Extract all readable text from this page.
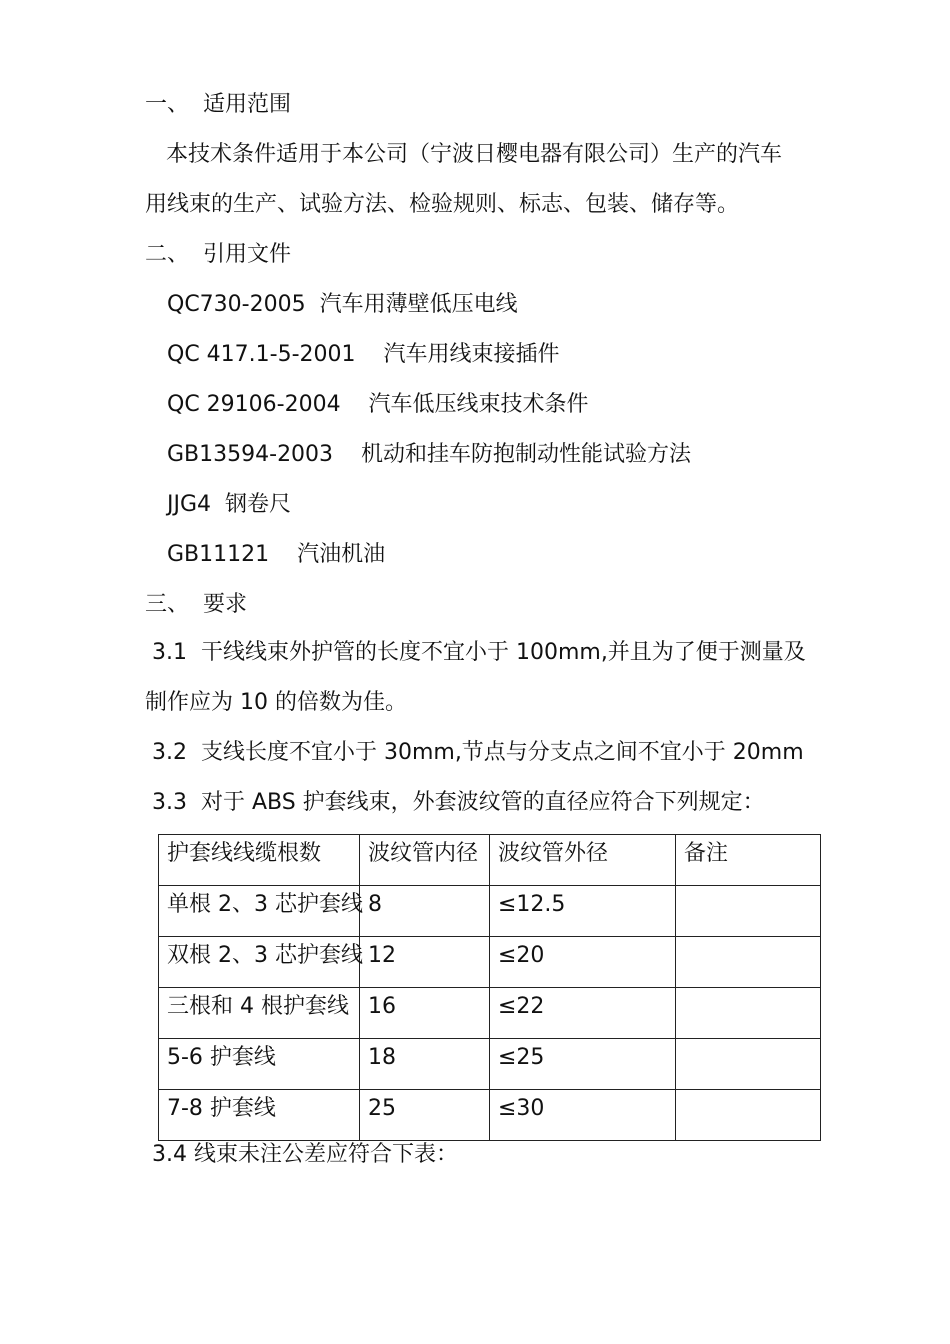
一、  适用范围
本技术条件适用于本公司（宁波日樱电器有限公司）生产的汽车
用线束的生产、试验方法、检验规则、标志、包装、储存等。
二、  引用文件
QC730-2005  汽车用薄壁低压电线
QC 417.1-5-2001    汽车用线束接插件
QC 29106-2004    汽车低压线束技术条件
GB13594-2003    机动和挂车防抱制动性能试验方法
JJG4  钢卷尺
GB11121    汽油机油
三、  要求
3.1  干线线束外护管的长度不宜小于 100mm,并且为了便于测量及
制作应为 10 的倍数为佳。
3.2  支线长度不宜小于 30mm,节点与分支点之间不宜小于 20mm
3.3  对于 ABS 护套线束，外套波纹管的直径应符合下列规定：
护套线线缆根数	波纹管内径	波纹管外径	备注
单根 2、3 芯护套线	8	≤12.5	
双根 2、3 芯护套线	12	≤20	
三根和 4 根护套线	16	≤22	
5-6 护套线	18	≤25	
7-8 护套线	25	≤30	
3.4 线束未注公差应符合下表：
